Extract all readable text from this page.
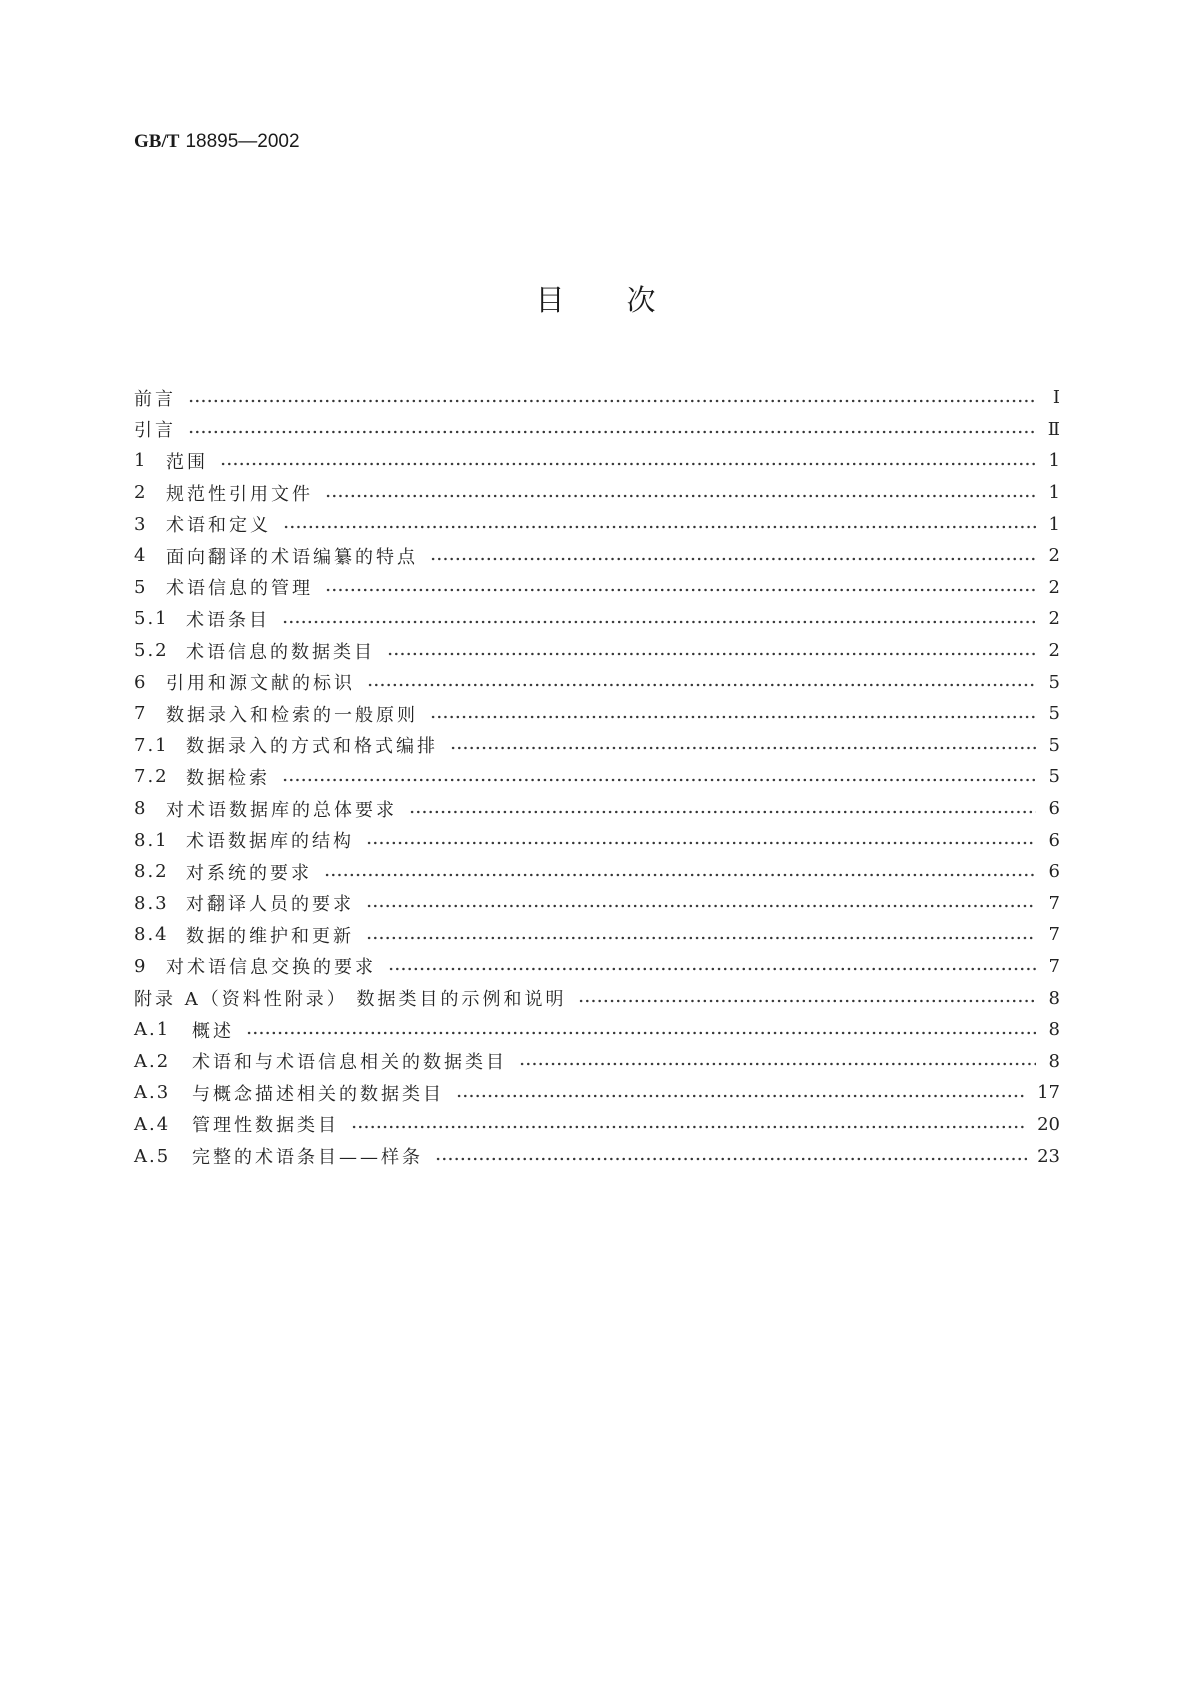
GB/T 18895—2002
目次
前言	I
引言	Ⅱ
1	范围	1
2	规范性引用文件	1
3	术语和定义	1
4	面向翻译的术语编纂的特点	2
5	术语信息的管理	2
5.1 术语条目	2
5.2 术语信息的数据类目	2
6	引用和源文献的标识	5
7	数据录入和检索的一般原则	5
7.1 数据录入的方式和格式编排	5
7.2 数据检索	5
8	对术语数据库的总体要求	6
8.1 术语数据库的结构	6
8.2 对系统的要求	6
8.3 对翻译人员的要求	7
8.4 数据的维护和更新	7
9	对术语信息交换的要求	7
附录 A（资料性附录） 数据类目的示例和说明	8
A.1	概述	8
A.2	术语和与术语信息相关的数据类目	8
A.3	与概念描述相关的数据类目	17
A.4	管理性数据类目	20
A.5	完整的术语条目——样条	23
